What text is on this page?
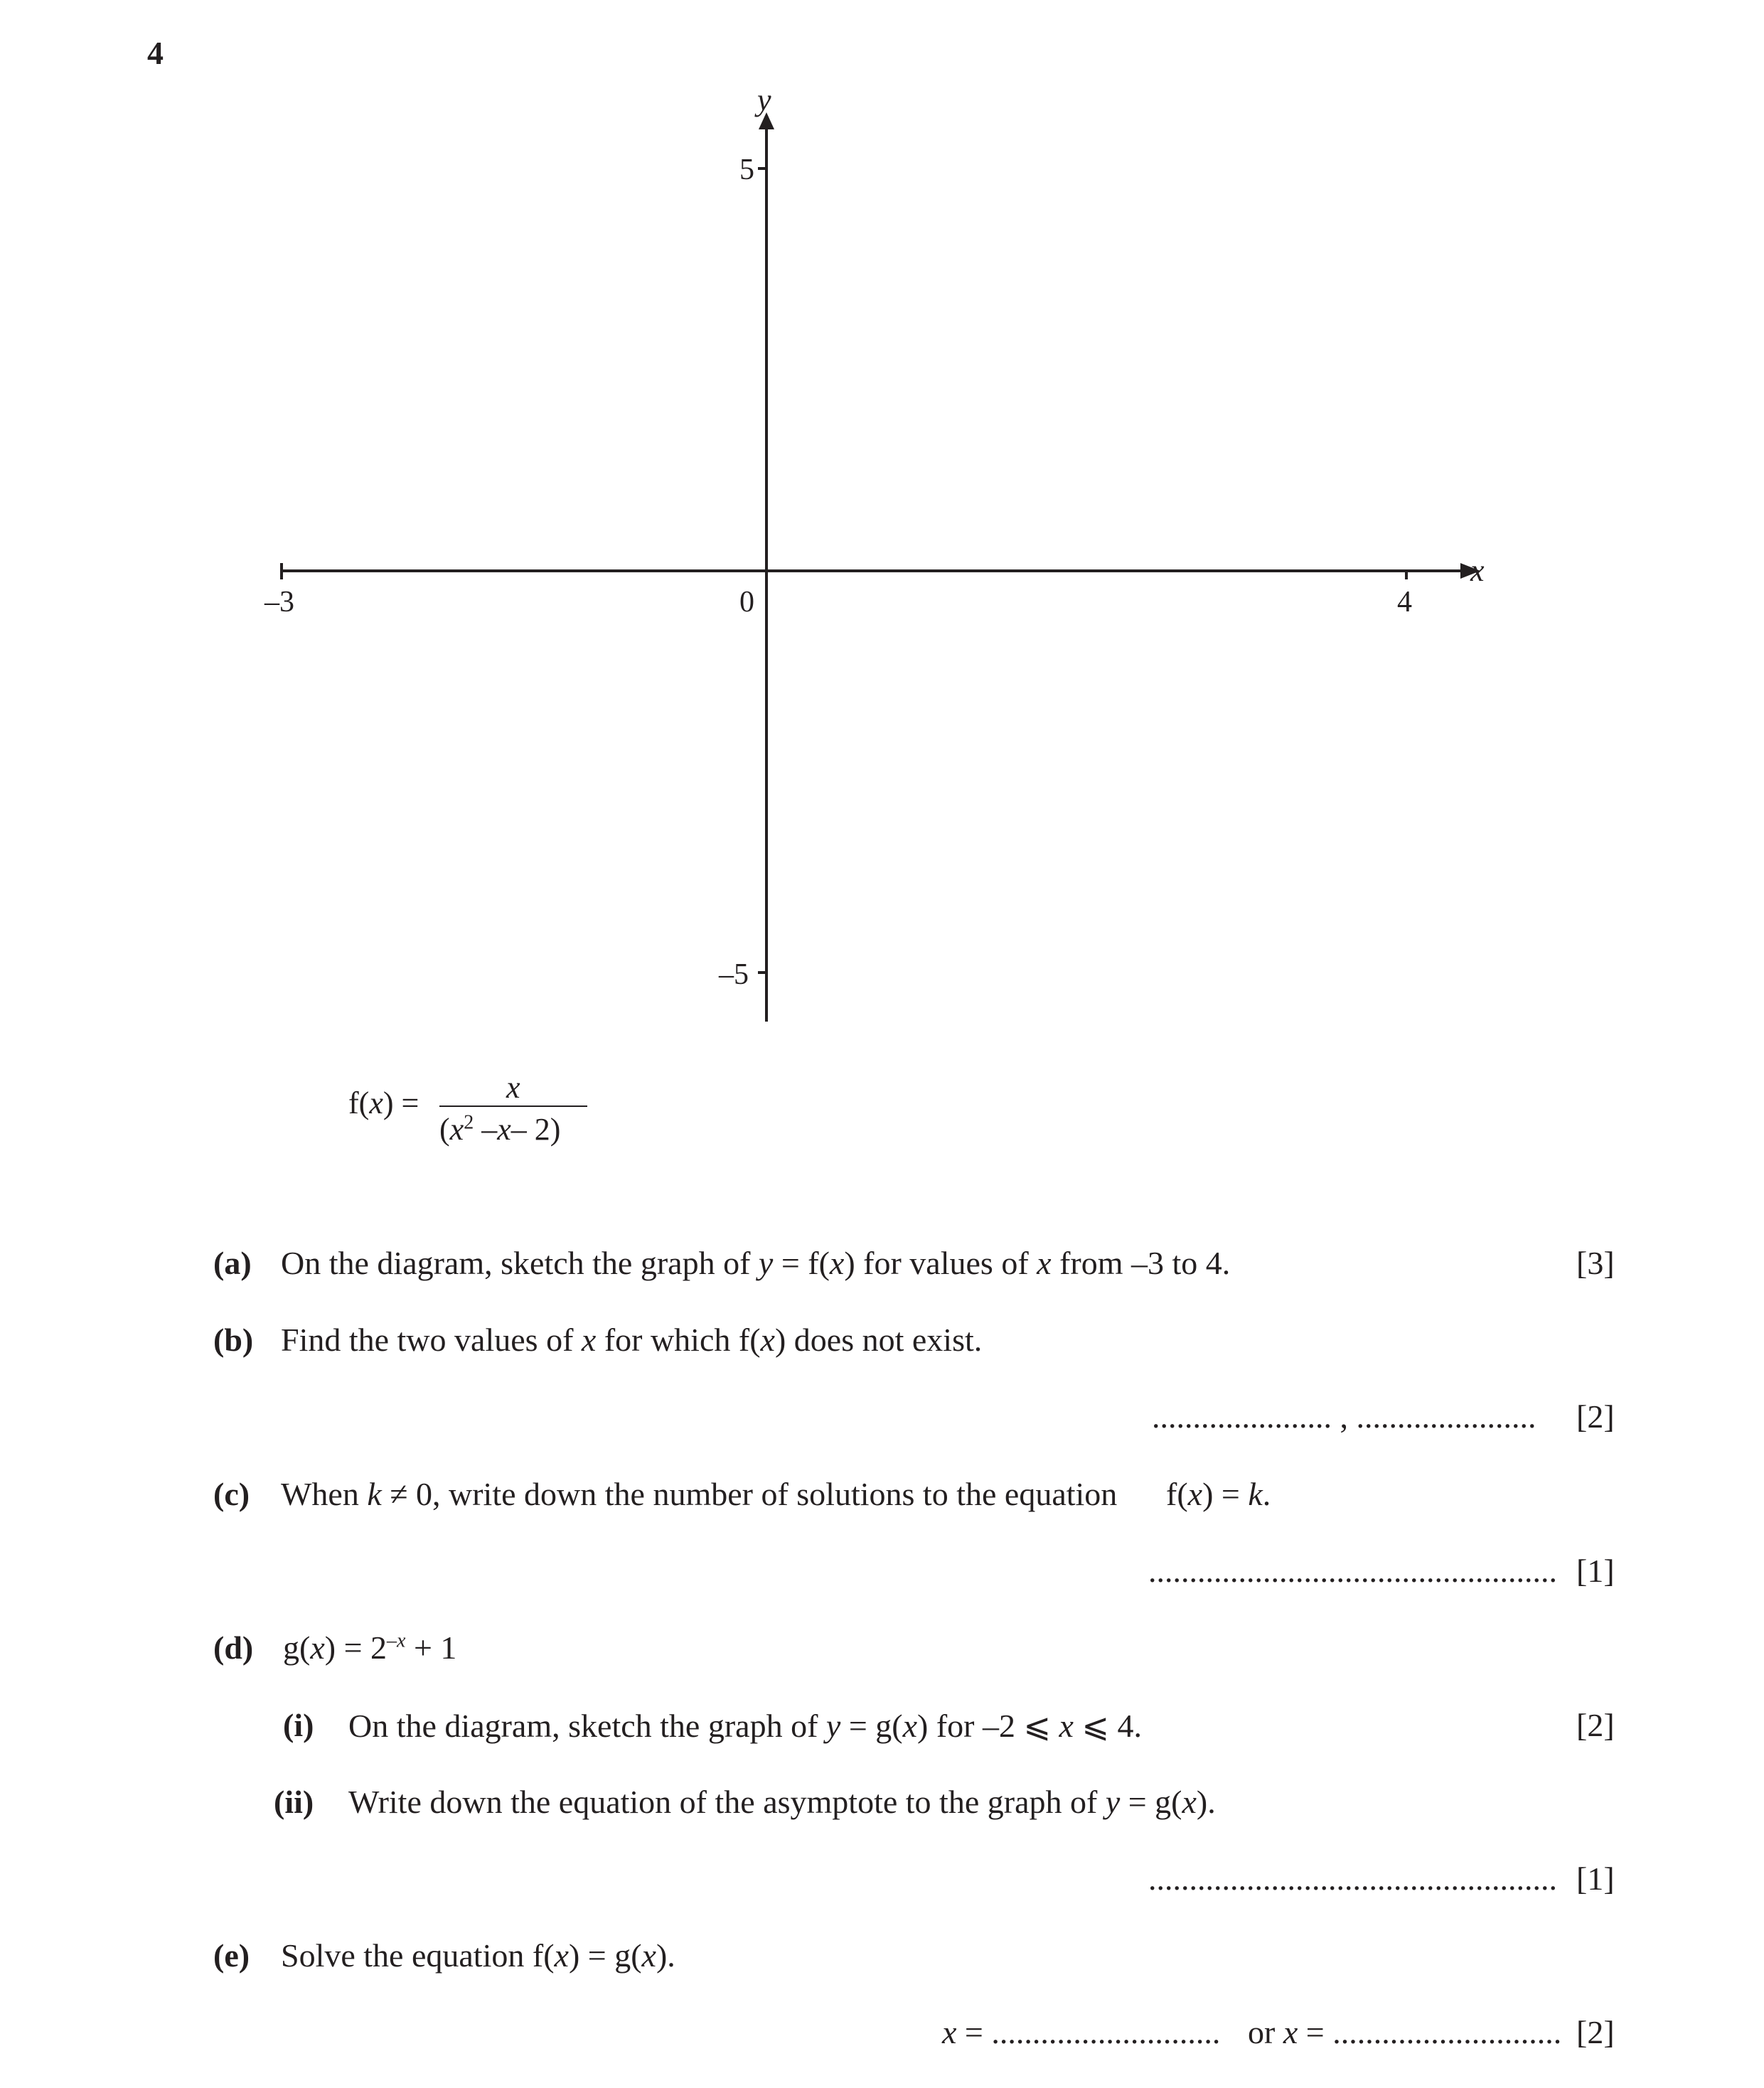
4
y
x
5
–5
–3	0	4
f(x) =	x
($x^2$ –x– 2)
(a) On the diagram, sketch the graph of y = f(x) for values of x from –3 to 4.	[3]
(b) Find the two values of x for which f(x) does not exist.
...................... , ...................... [2]
(c) When k ≠ 0, write down the number of solutions to the equation f(x) = k.
.................................................. [1]
(d) $g(x) = 2^{-x} + 1$
(i) On the diagram, sketch the graph of y = g(x) for –2 ⩽ x ⩽ 4.	[2]
(ii) Write down the equation of the asymptote to the graph of y = g(x).
.................................................. [1]
(e) Solve the equation f(x) = g(x).
x = ............................ or x = ............................ [2]
